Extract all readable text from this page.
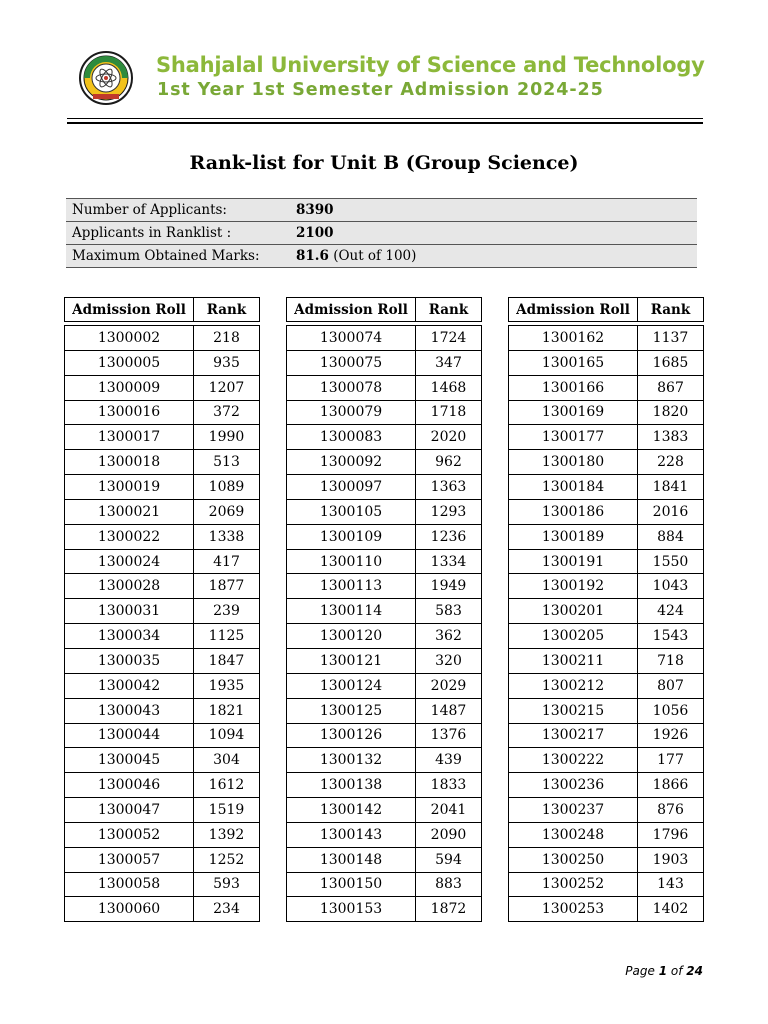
Shahjalal University of Science and Technology
1st Year 1st Semester Admission 2024-25
Rank-list for Unit B (Group Science)
Number of Applicants:	8390
Applicants in Ranklist :	2100
Maximum Obtained Marks:	81.6 (Out of 100)
Admission Roll	Rank

1300002	218
1300005	935
1300009	1207
1300016	372
1300017	1990
1300018	513
1300019	1089
1300021	2069
1300022	1338
1300024	417
1300028	1877
1300031	239
1300034	1125
1300035	1847
1300042	1935
1300043	1821
1300044	1094
1300045	304
1300046	1612
1300047	1519
1300052	1392
1300057	1252
1300058	593
1300060	234
Admission Roll	Rank

1300074	1724
1300075	347
1300078	1468
1300079	1718
1300083	2020
1300092	962
1300097	1363
1300105	1293
1300109	1236
1300110	1334
1300113	1949
1300114	583
1300120	362
1300121	320
1300124	2029
1300125	1487
1300126	1376
1300132	439
1300138	1833
1300142	2041
1300143	2090
1300148	594
1300150	883
1300153	1872
Admission Roll	Rank

1300162	1137
1300165	1685
1300166	867
1300169	1820
1300177	1383
1300180	228
1300184	1841
1300186	2016
1300189	884
1300191	1550
1300192	1043
1300201	424
1300205	1543
1300211	718
1300212	807
1300215	1056
1300217	1926
1300222	177
1300236	1866
1300237	876
1300248	1796
1300250	1903
1300252	143
1300253	1402
Page 1 of 24
